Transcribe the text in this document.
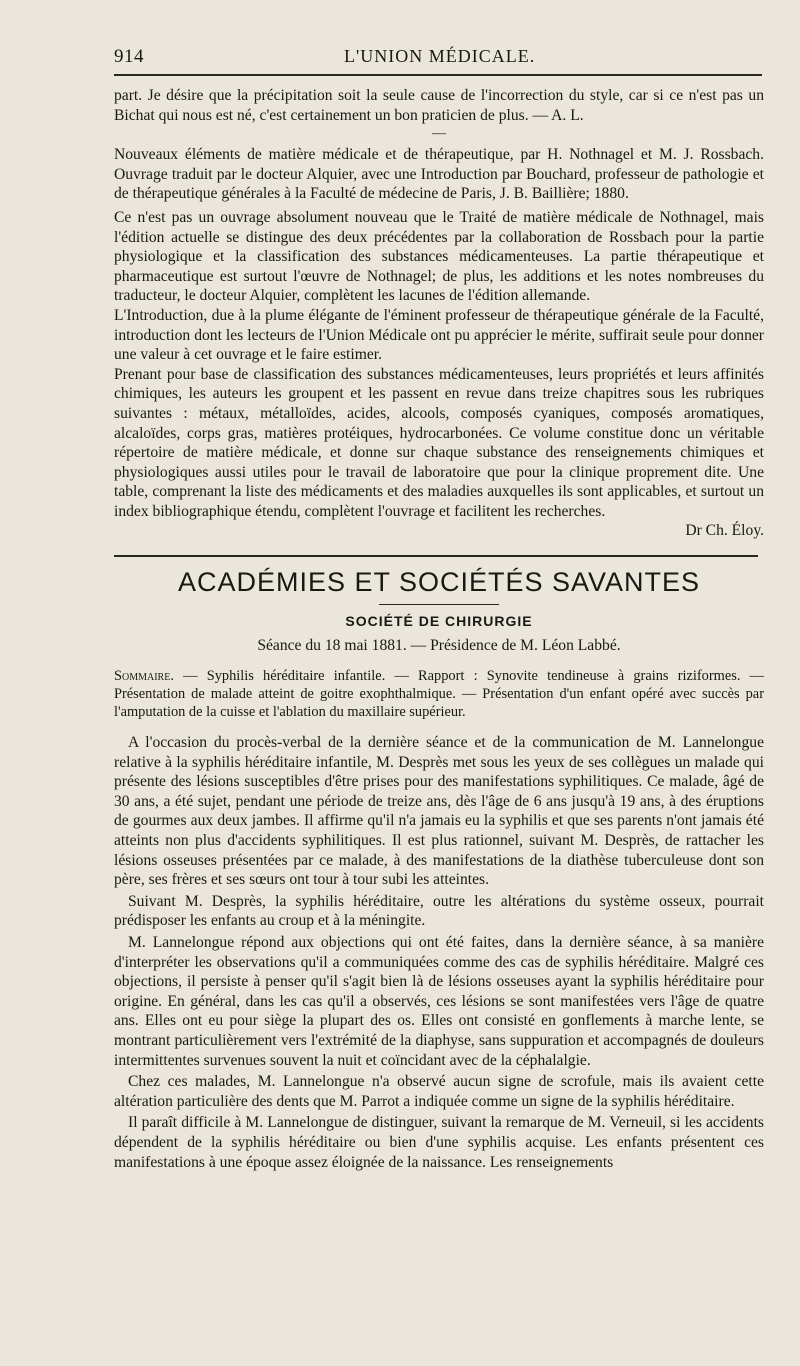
914	L'UNION MÉDICALE.

part. Je désire que la précipitation soit la seule cause de l'incorrection du style, car si ce n'est pas un Bichat qui nous est né, c'est certainement un bon praticien de plus. — A. L.

—

Nouveaux éléments de matière médicale et de thérapeutique, par H. Nothnagel et M. J. Rossbach. Ouvrage traduit par le docteur Alquier, avec une Introduction par Bouchard, professeur de pathologie et de thérapeutique générales à la Faculté de médecine de Paris, J. B. Baillière; 1880.

Ce n'est pas un ouvrage absolument nouveau que le Traité de matière médicale de Nothnagel, mais l'édition actuelle se distingue des deux précédentes par la collaboration de Rossbach pour la partie physiologique et la classification des substances médicamenteuses. La partie thérapeutique et pharmaceutique est surtout l'œuvre de Nothnagel; de plus, les additions et les notes nombreuses du traducteur, le docteur Alquier, complètent les lacunes de l'édition allemande.

L'Introduction, due à la plume élégante de l'éminent professeur de thérapeutique générale de la Faculté, introduction dont les lecteurs de l'Union Médicale ont pu apprécier le mérite, suffirait seule pour donner une valeur à cet ouvrage et le faire estimer.

Prenant pour base de classification des substances médicamenteuses, leurs propriétés et leurs affinités chimiques, les auteurs les groupent et les passent en revue dans treize chapitres sous les rubriques suivantes : métaux, métalloïdes, acides, alcools, composés cyaniques, composés aromatiques, alcaloïdes, corps gras, matières protéiques, hydrocarbonées. Ce volume constitue donc un véritable répertoire de matière médicale, et donne sur chaque substance des renseignements chimiques et physiologiques aussi utiles pour le travail de laboratoire que pour la clinique proprement dite. Une table, comprenant la liste des médicaments et des maladies auxquelles ils sont applicables, et surtout un index bibliographique étendu, complètent l'ouvrage et facilitent les recherches.

Dr Ch. Éloy.

ACADÉMIES ET SOCIÉTÉS SAVANTES
SOCIÉTÉ DE CHIRURGIE
Séance du 18 mai 1881. — Présidence de M. Léon Labbé.

Sommaire. — Syphilis héréditaire infantile. — Rapport : Synovite tendineuse à grains riziformes. — Présentation de malade atteint de goitre exophthalmique. — Présentation d'un enfant opéré avec succès par l'amputation de la cuisse et l'ablation du maxillaire supérieur.

A l'occasion du procès-verbal de la dernière séance et de la communication de M. Lannelongue relative à la syphilis héréditaire infantile, M. Desprès met sous les yeux de ses collègues un malade qui présente des lésions susceptibles d'être prises pour des manifestations syphilitiques. Ce malade, âgé de 30 ans, a été sujet, pendant une période de treize ans, dès l'âge de 6 ans jusqu'à 19 ans, à des éruptions de gourmes aux deux jambes. Il affirme qu'il n'a jamais eu la syphilis et que ses parents n'ont jamais été atteints non plus d'accidents syphilitiques. Il est plus rationnel, suivant M. Desprès, de rattacher les lésions osseuses présentées par ce malade, à des manifestations de la diathèse tuberculeuse dont son père, ses frères et ses sœurs ont tour à tour subi les atteintes.

Suivant M. Desprès, la syphilis héréditaire, outre les altérations du système osseux, pourrait prédisposer les enfants au croup et à la méningite.

M. Lannelongue répond aux objections qui ont été faites, dans la dernière séance, à sa manière d'interpréter les observations qu'il a communiquées comme des cas de syphilis héréditaire. Malgré ces objections, il persiste à penser qu'il s'agit bien là de lésions osseuses ayant la syphilis héréditaire pour origine. En général, dans les cas qu'il a observés, ces lésions se sont manifestées vers l'âge de quatre ans. Elles ont eu pour siège la plupart des os. Elles ont consisté en gonflements à marche lente, se montrant particulièrement vers l'extrémité de la diaphyse, sans suppuration et accompagnés de douleurs intermittentes survenues souvent la nuit et coïncidant avec de la céphalalgie.

Chez ces malades, M. Lannelongue n'a observé aucun signe de scrofule, mais ils avaient cette altération particulière des dents que M. Parrot a indiquée comme un signe de la syphilis héréditaire.

Il paraît difficile à M. Lannelongue de distinguer, suivant la remarque de M. Verneuil, si les accidents dépendent de la syphilis héréditaire ou bien d'une syphilis acquise. Les enfants présentent ces manifestations à une époque assez éloignée de la naissance. Les renseignements
